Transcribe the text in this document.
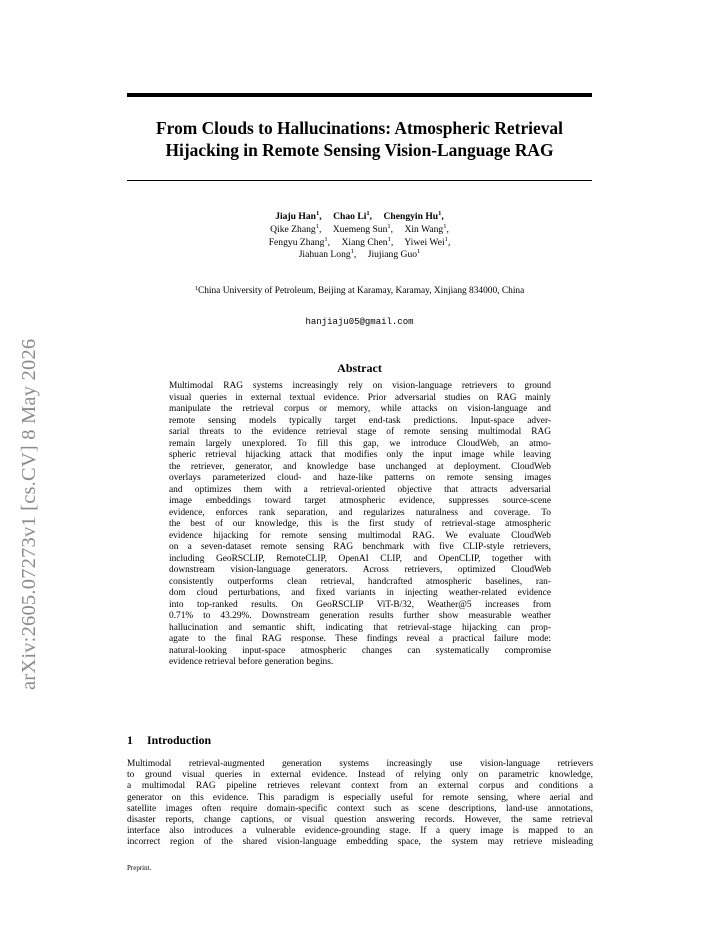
arXiv:2605.07273v1 [cs.CV] 8 May 2026
From Clouds to Hallucinations: Atmospheric Retrieval
Hijacking in Remote Sensing Vision-Language RAG
Jiaju Han$^1$, Chao Li$^1$, Chengyin Hu$^1$,
Qike Zhang$^1$, Xuemeng Sun$^1$, Xin Wang$^1$,
Fengyu Zhang$^1$, Xiang Chen$^1$, Yiwei Wei$^1$,
Jiahuan Long$^1$, Jiujiang Guo$^1$
$^1$China University of Petroleum, Beijing at Karamay, Karamay, Xinjiang 834000, China
hanjiaju05@gmail.com
Abstract
Multimodal RAG systems increasingly rely on vision-language retrievers to ground
visual queries in external textual evidence. Prior adversarial studies on RAG mainly
manipulate the retrieval corpus or memory, while attacks on vision-language and
remote sensing models typically target end-task predictions. Input-space adver-
sarial threats to the evidence retrieval stage of remote sensing multimodal RAG
remain largely unexplored. To fill this gap, we introduce CloudWeb, an atmo-
spheric retrieval hijacking attack that modifies only the input image while leaving
the retriever, generator, and knowledge base unchanged at deployment. CloudWeb
overlays parameterized cloud- and haze-like patterns on remote sensing images
and optimizes them with a retrieval-oriented objective that attracts adversarial
image embeddings toward target atmospheric evidence, suppresses source-scene
evidence, enforces rank separation, and regularizes naturalness and coverage. To
the best of our knowledge, this is the first study of retrieval-stage atmospheric
evidence hijacking for remote sensing multimodal RAG. We evaluate CloudWeb
on a seven-dataset remote sensing RAG benchmark with five CLIP-style retrievers,
including GeoRSCLIP, RemoteCLIP, OpenAI CLIP, and OpenCLIP, together with
downstream vision-language generators. Across retrievers, optimized CloudWeb
consistently outperforms clean retrieval, handcrafted atmospheric baselines, ran-
dom cloud perturbations, and fixed variants in injecting weather-related evidence
into top-ranked results. On GeoRSCLIP ViT-B/32, Weather@5 increases from
0.71% to 43.29%. Downstream generation results further show measurable weather
hallucination and semantic shift, indicating that retrieval-stage hijacking can prop-
agate to the final RAG response. These findings reveal a practical failure mode:
natural-looking input-space atmospheric changes can systematically compromise
evidence retrieval before generation begins.
1 Introduction
Multimodal retrieval-augmented generation systems increasingly use vision-language retrievers
to ground visual queries in external evidence. Instead of relying only on parametric knowledge,
a multimodal RAG pipeline retrieves relevant context from an external corpus and conditions a
generator on this evidence. This paradigm is especially useful for remote sensing, where aerial and
satellite images often require domain-specific context such as scene descriptions, land-use annotations,
disaster reports, change captions, or visual question answering records. However, the same retrieval
interface also introduces a vulnerable evidence-grounding stage. If a query image is mapped to an
incorrect region of the shared vision-language embedding space, the system may retrieve misleading
Preprint.
